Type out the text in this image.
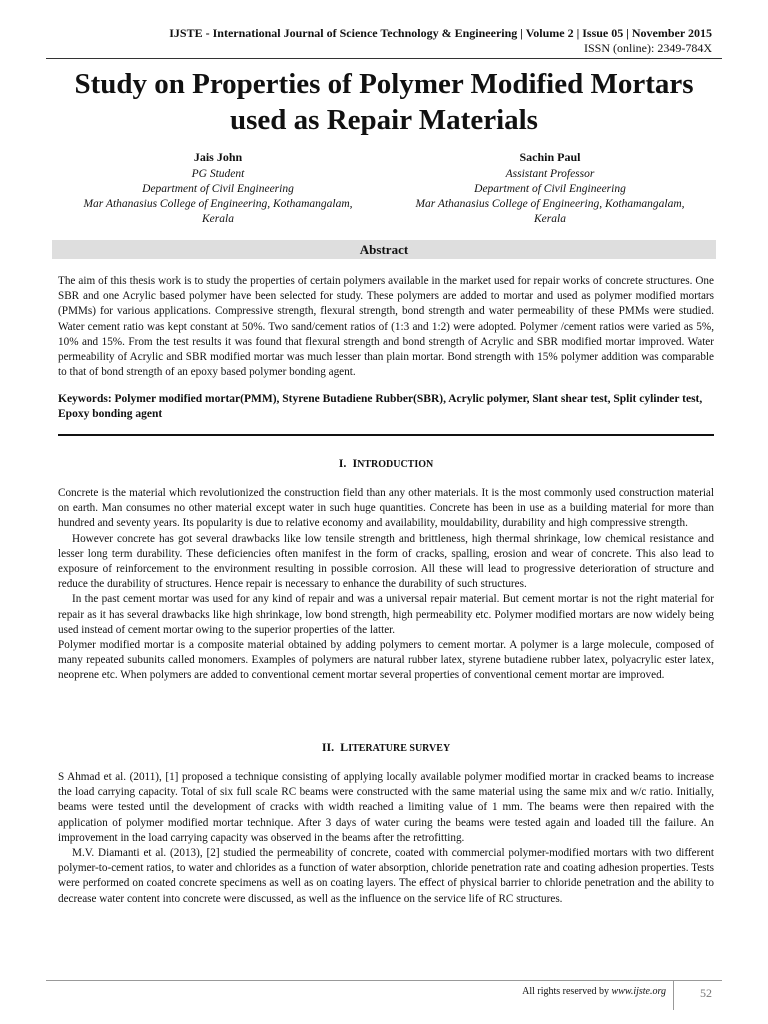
IJSTE - International Journal of Science Technology & Engineering | Volume 2 | Issue 05 | November 2015
ISSN (online): 2349-784X
Study on Properties of Polymer Modified Mortars used as Repair Materials
Jais John
PG Student
Department of Civil Engineering
Mar Athanasius College of Engineering, Kothamangalam,
Kerala
Sachin Paul
Assistant Professor
Department of Civil Engineering
Mar Athanasius College of Engineering, Kothamangalam,
Kerala
Abstract
The aim of this thesis work is to study the properties of certain polymers available in the market used for repair works of concrete structures. One SBR and one Acrylic based polymer have been selected for study. These polymers are added to mortar and used as polymer modified mortars (PMMs) for various applications. Compressive strength, flexural strength, bond strength and water permeability of these PMMs were studied. Water cement ratio was kept constant at 50%. Two sand/cement ratios of (1:3 and 1:2) were adopted. Polymer /cement ratios were varied as 5%, 10% and 15%. From the test results it was found that flexural strength and bond strength of Acrylic and SBR modified mortar improved. Water permeability of Acrylic and SBR modified mortar was much lesser than plain mortar. Bond strength with 15% polymer addition was comparable to that of bond strength of an epoxy based polymer bonding agent.
Keywords: Polymer modified mortar(PMM), Styrene Butadiene Rubber(SBR), Acrylic polymer, Slant shear test, Split cylinder test, Epoxy bonding agent
I. INTRODUCTION

Concrete is the material which revolutionized the construction field than any other materials. It is the most commonly used construction material on earth. Man consumes no other material except water in such huge quantities. Concrete has been in use as a building material for more than hundred and seventy years. Its popularity is due to relative economy and availability, mouldability, durability and high compressive strength.

However concrete has got several drawbacks like low tensile strength and brittleness, high thermal shrinkage, low chemical resistance and lesser long term durability. These deficiencies often manifest in the form of cracks, spalling, erosion and wear of concrete. This also lead to exposure of reinforcement to the environment resulting in possible corrosion. All these will lead to progressive deterioration of structure and reduce the durability of structures. Hence repair is necessary to enhance the durability of such structures.

In the past cement mortar was used for any kind of repair and was a universal repair material. But cement mortar is not the right material for repair as it has several drawbacks like high shrinkage, low bond strength, high permeability etc. Polymer modified mortars are now widely being used instead of cement mortar owing to the superior properties of the latter.

Polymer modified mortar is a composite material obtained by adding polymers to cement mortar. A polymer is a large molecule, composed of many repeated subunits called monomers. Examples of polymers are natural rubber latex, styrene butadiene rubber latex, polyacrylic ester latex, neoprene etc. When polymers are added to conventional cement mortar several properties of conventional cement mortar are improved.

II. LITERATURE SURVEY

S Ahmad et al. (2011), [1] proposed a technique consisting of applying locally available polymer modified mortar in cracked beams to increase the load carrying capacity. Total of six full scale RC beams were constructed with the same material using the same mix and w/c ratio. Initially, beams were tested until the development of cracks with width reached a limiting value of 1 mm. The beams were then repaired with the application of polymer modified mortar technique. After 3 days of water curing the beams were tested again and loaded till the failure. An improvement in the load carrying capacity was observed in the beams after the retrofitting.

M.V. Diamanti et al. (2013), [2] studied the permeability of concrete, coated with commercial polymer-modified mortars with two different polymer-to-cement ratios, to water and chlorides as a function of water absorption, chloride penetration rate and coating adhesion properties. Tests were performed on coated concrete specimens as well as on coating layers. The effect of physical barrier to chloride penetration and the ability to decrease water content into concrete were discussed, as well as the influence on the service life of RC structures.

All rights reserved by www.ijste.org	52
